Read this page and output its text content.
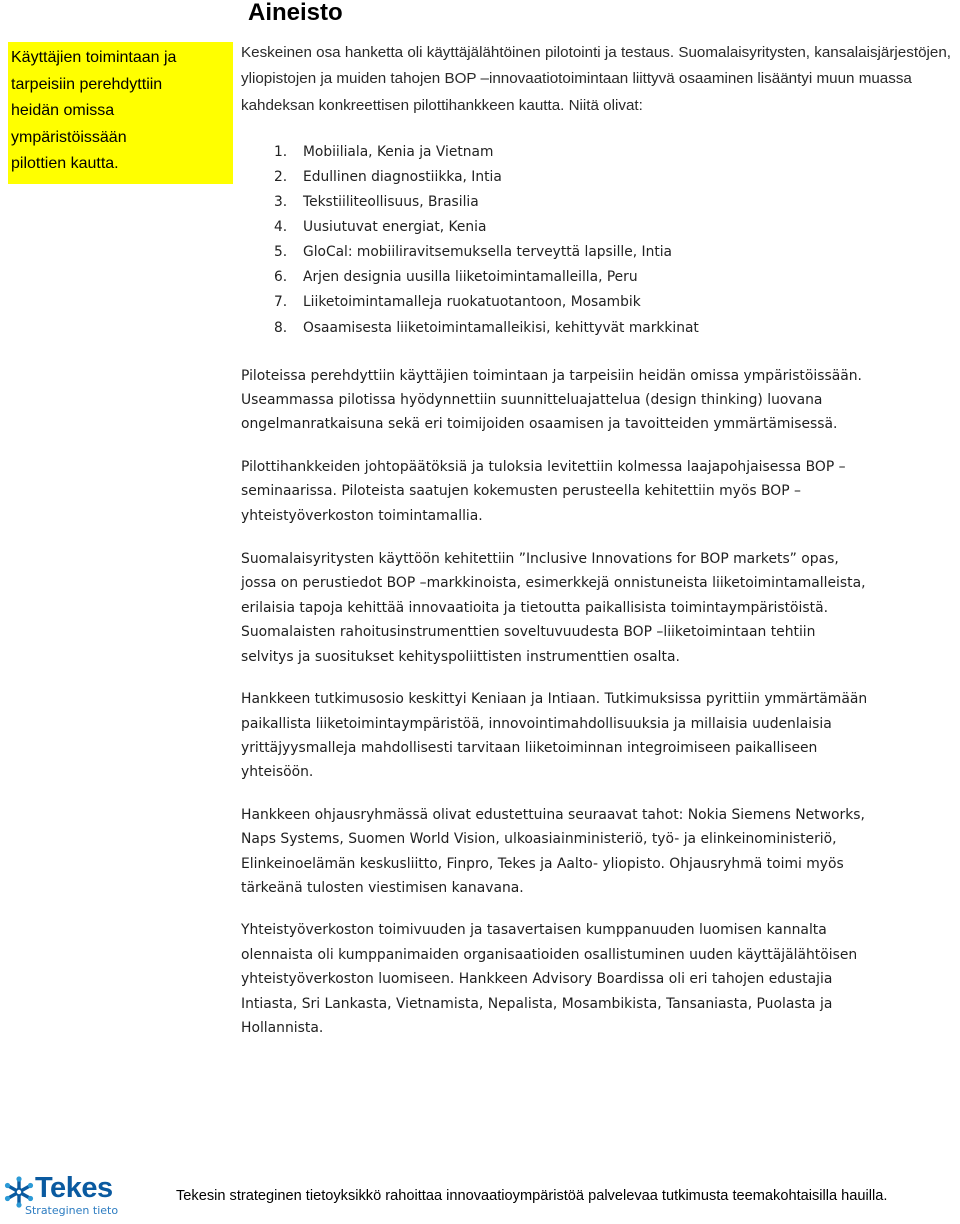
Aineisto
Käyttäjien toimintaan ja
tarpeisiin perehdyttiin
heidän omissa
ympäristöissään
pilottien kautta.

Keskeinen osa hanketta oli käyttäjälähtöinen pilotointi ja testaus. Suomalaisyritysten, kansalaisjärjestöjen, yliopistojen ja muiden tahojen BOP –innovaatiotoimintaan liittyvä osaaminen lisääntyi muun muassa kahdeksan konkreettisen pilottihankkeen kautta. Niitä olivat:

1. Mobiiliala, Kenia ja Vietnam
2. Edullinen diagnostiikka, Intia
3. Tekstiiliteollisuus, Brasilia
4. Uusiutuvat energiat, Kenia
5. GloCal: mobiiliravitsemuksella terveyttä lapsille, Intia
6. Arjen designia uusilla liiketoimintamalleilla, Peru
7. Liiketoimintamalleja ruokatuotantoon, Mosambik
8. Osaamisesta liiketoimintamalleikisi, kehittyvät markkinat

Piloteissa perehdyttiin käyttäjien toimintaan ja tarpeisiin heidän omissa ympäristöissään.
Useammassa pilotissa hyödynnettiin suunnitteluajattelua (design thinking) luovana
ongelmanratkaisuna sekä eri toimijoiden osaamisen ja tavoitteiden ymmärtämisessä.

Pilottihankkeiden johtopäätöksiä ja tuloksia levitettiin kolmessa laajapohjaisessa BOP –
seminaarissa. Piloteista saatujen kokemusten perusteella kehitettiin myös BOP –
yhteistyöverkoston toimintamallia.

Suomalaisyritysten käyttöön kehitettiin ”Inclusive Innovations for BOP markets” opas,
jossa on perustiedot BOP –markkinoista, esimerkkejä onnistuneista liiketoimintamalleista,
erilaisia tapoja kehittää innovaatioita ja tietoutta paikallisista toimintaympäristöistä.
Suomalaisten rahoitusinstrumenttien soveltuvuudesta BOP –liiketoimintaan tehtiin
selvitys ja suositukset kehityspoliittisten instrumenttien osalta.

Hankkeen tutkimusosio keskittyi Keniaan ja Intiaan. Tutkimuksissa pyrittiin ymmärtämään
paikallista liiketoimintaympäristöä, innovointimahdollisuuksia ja millaisia uudenlaisia
yrittäjyysmalleja mahdollisesti tarvitaan liiketoiminnan integroimiseen paikalliseen
yhteisöön.

Hankkeen ohjausryhmässä olivat edustettuina seuraavat tahot: Nokia Siemens Networks,
Naps Systems, Suomen World Vision, ulkoasiainministeriö, työ- ja elinkeinoministeriö,
Elinkeinoelämän keskusliitto, Finpro, Tekes ja Aalto- yliopisto. Ohjausryhmä toimi myös
tärkeänä tulosten viestimisen kanavana.

Yhteistyöverkoston toimivuuden ja tasavertaisen kumppanuuden luomisen kannalta
olennaista oli kumppanimaiden organisaatioiden osallistuminen uuden käyttäjälähtöisen
yhteistyöverkoston luomiseen. Hankkeen Advisory Boardissa oli eri tahojen edustajia
Intiasta, Sri Lankasta, Vietnamista, Nepalista, Mosambikista, Tansaniasta, Puolasta ja
Hollannista.

Tekes
Strateginen tieto
Tekesin strateginen tietoyksikkö rahoittaa innovaatioympäristöä palvelevaa tutkimusta teemakohtaisilla hauilla.
